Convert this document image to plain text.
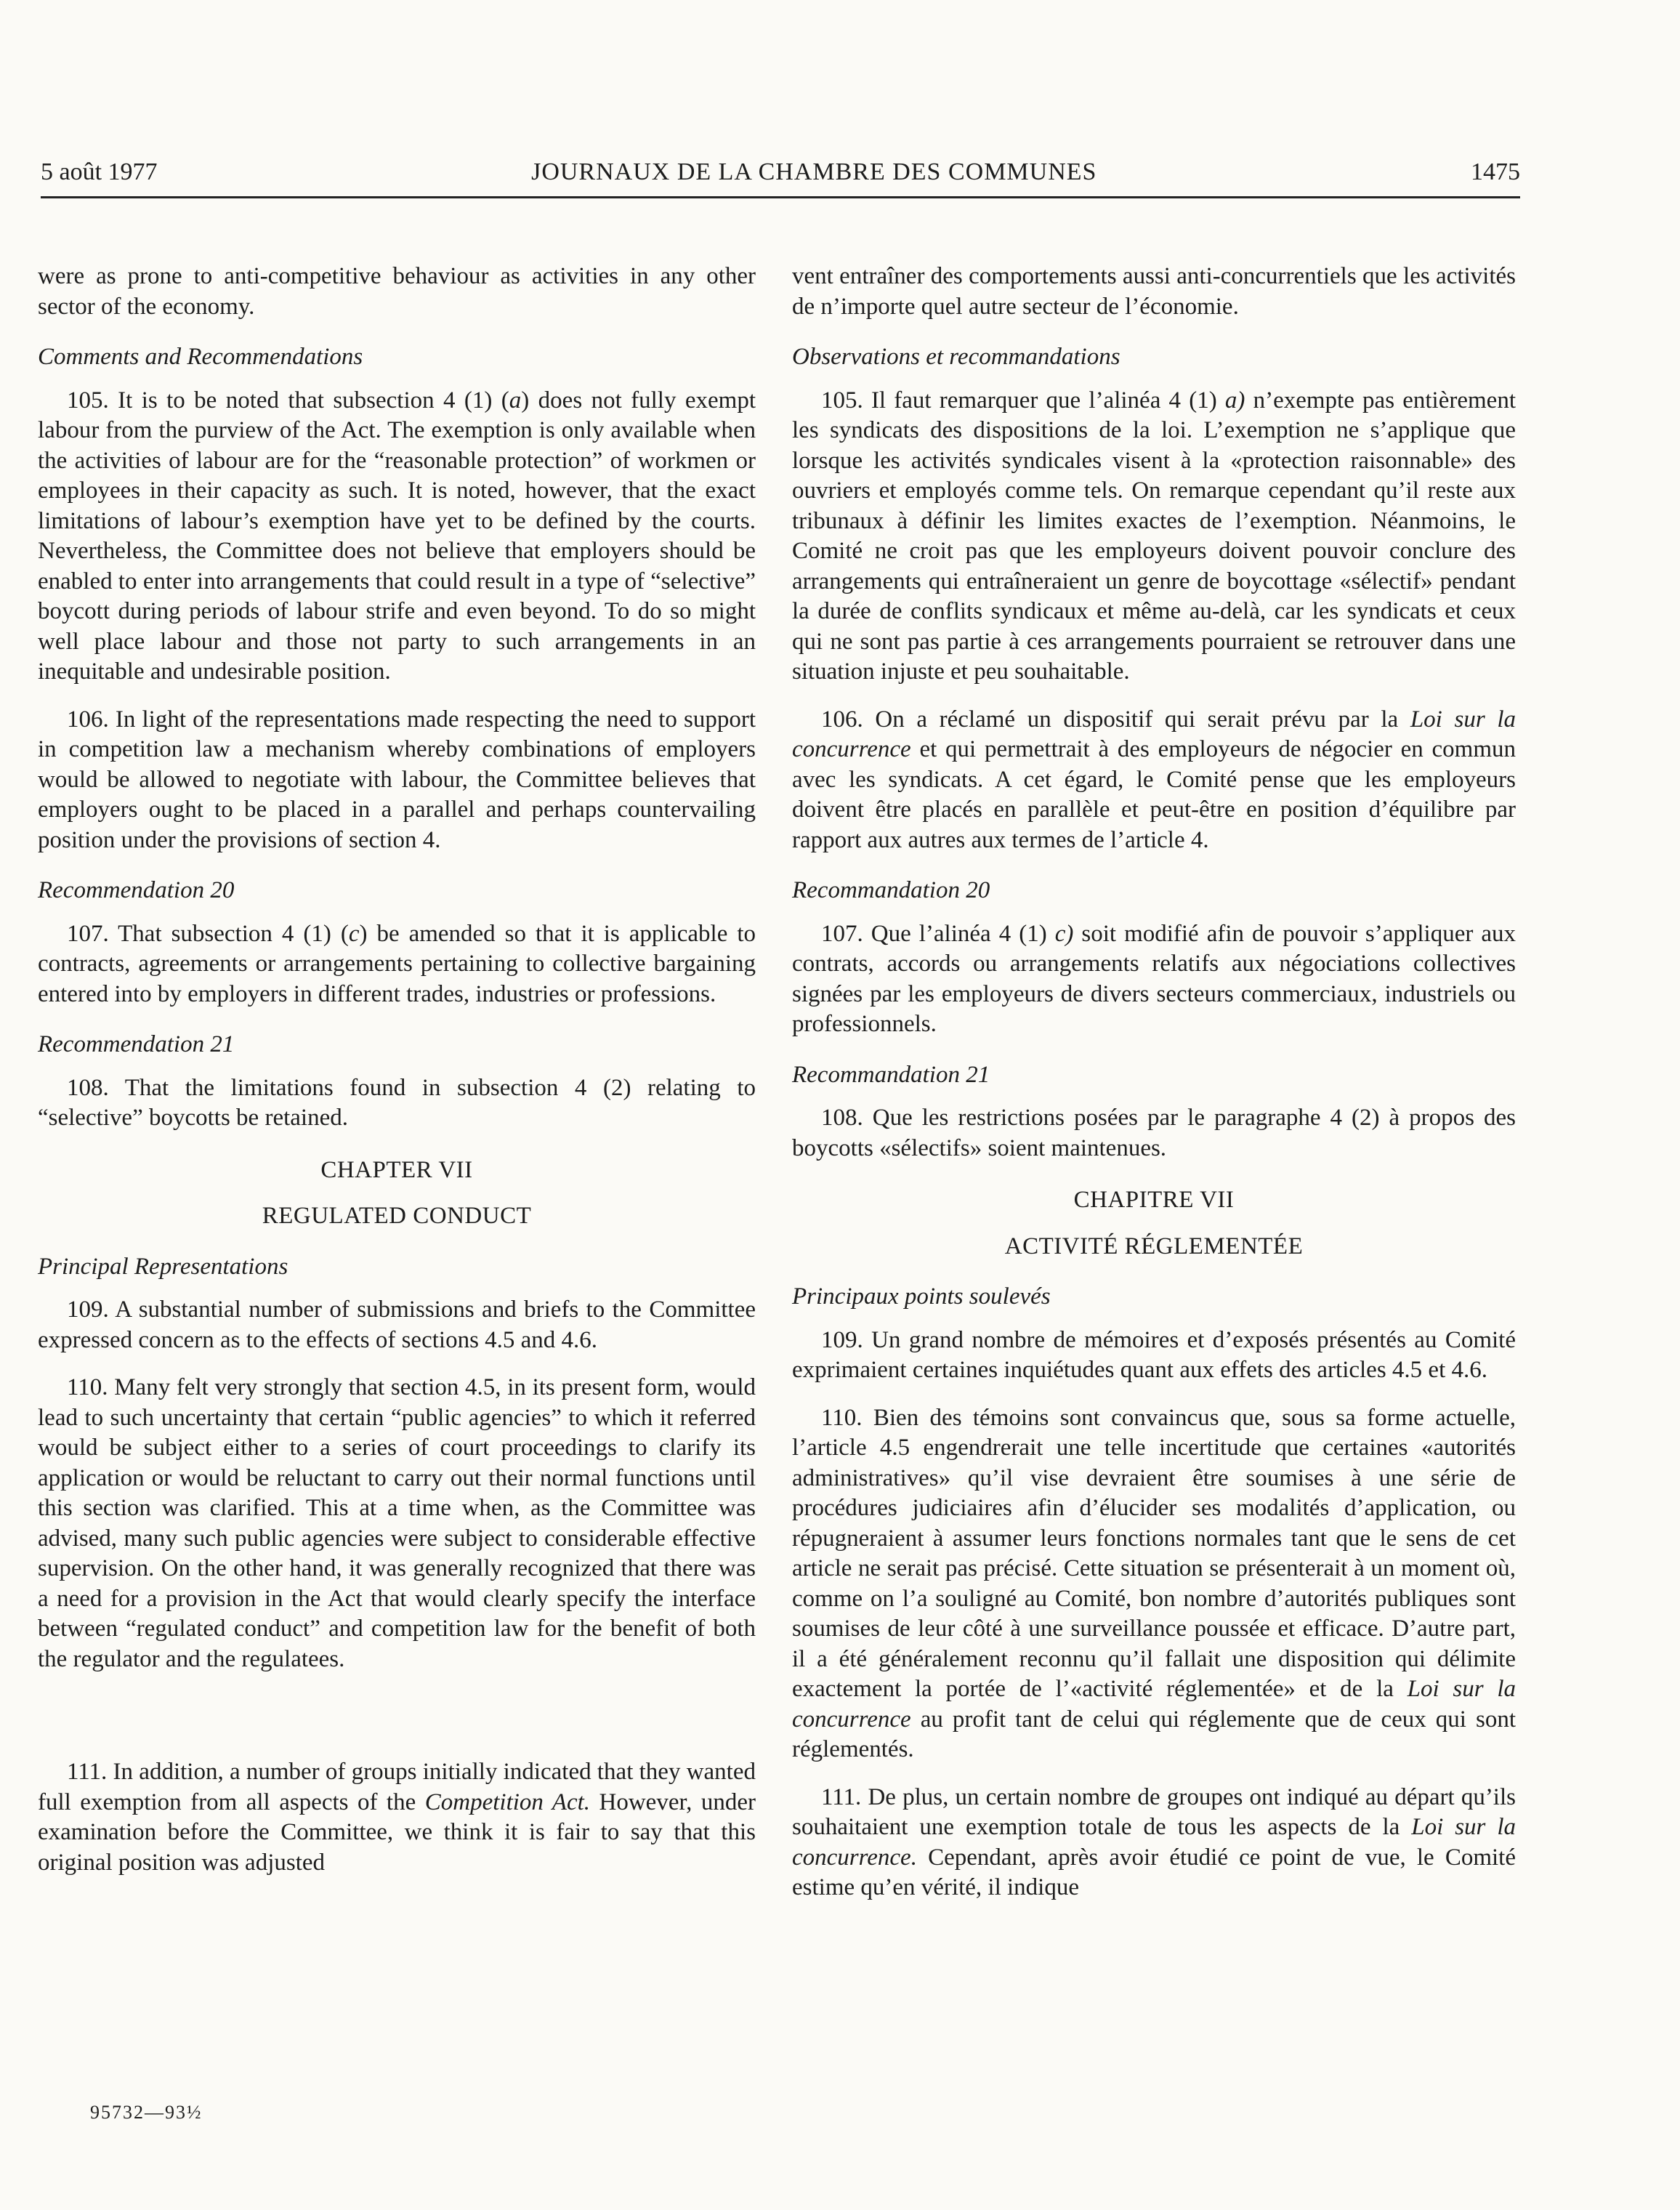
5 août 1977	JOURNAUX DE LA CHAMBRE DES COMMUNES	1475

were as prone to anti-competitive behaviour as activities in any other sector of the economy.

Comments and Recommendations

105. It is to be noted that subsection 4 (1) (a) does not fully exempt labour from the purview of the Act. The exemption is only available when the activities of labour are for the “reasonable protection” of workmen or employees in their capacity as such. It is noted, however, that the exact limitations of labour’s exemption have yet to be defined by the courts. Nevertheless, the Committee does not believe that employers should be enabled to enter into arrangements that could result in a type of “selective” boycott during periods of labour strife and even beyond. To do so might well place labour and those not party to such arrangements in an inequitable and undesirable position.

106. In light of the representations made respecting the need to support in competition law a mechanism whereby combinations of employers would be allowed to negotiate with labour, the Committee believes that employers ought to be placed in a parallel and perhaps countervailing position under the provisions of section 4.

Recommendation 20

107. That subsection 4 (1) (c) be amended so that it is applicable to contracts, agreements or arrangements pertaining to collective bargaining entered into by employers in different trades, industries or professions.

Recommendation 21

108. That the limitations found in subsection 4 (2) relating to “selective” boycotts be retained.

CHAPTER VII
REGULATED CONDUCT

Principal Representations

109. A substantial number of submissions and briefs to the Committee expressed concern as to the effects of sections 4.5 and 4.6.

110. Many felt very strongly that section 4.5, in its present form, would lead to such uncertainty that certain “public agencies” to which it referred would be subject either to a series of court proceedings to clarify its application or would be reluctant to carry out their normal functions until this section was clarified. This at a time when, as the Committee was advised, many such public agencies were subject to considerable effective supervision. On the other hand, it was generally recognized that there was a need for a provision in the Act that would clearly specify the interface between “regulated conduct” and competition law for the benefit of both the regulator and the regulatees.

111. In addition, a number of groups initially indicated that they wanted full exemption from all aspects of the Competition Act. However, under examination before the Committee, we think it is fair to say that this original position was adjusted

vent entraîner des comportements aussi anti-concurrentiels que les activités de n’importe quel autre secteur de l’économie.

Observations et recommandations

105. Il faut remarquer que l’alinéa 4 (1) a) n’exempte pas entièrement les syndicats des dispositions de la loi. L’exemption ne s’applique que lorsque les activités syndicales visent à la «protection raisonnable» des ouvriers et employés comme tels. On remarque cependant qu’il reste aux tribunaux à définir les limites exactes de l’exemption. Néanmoins, le Comité ne croit pas que les employeurs doivent pouvoir conclure des arrangements qui entraîneraient un genre de boycottage «sélectif» pendant la durée de conflits syndicaux et même au-delà, car les syndicats et ceux qui ne sont pas partie à ces arrangements pourraient se retrouver dans une situation injuste et peu souhaitable.

106. On a réclamé un dispositif qui serait prévu par la Loi sur la concurrence et qui permettrait à des employeurs de négocier en commun avec les syndicats. A cet égard, le Comité pense que les employeurs doivent être placés en parallèle et peut-être en position d’équilibre par rapport aux autres aux termes de l’article 4.

Recommandation 20

107. Que l’alinéa 4 (1) c) soit modifié afin de pouvoir s’appliquer aux contrats, accords ou arrangements relatifs aux négociations collectives signées par les employeurs de divers secteurs commerciaux, industriels ou professionnels.

Recommandation 21

108. Que les restrictions posées par le paragraphe 4 (2) à propos des boycotts «sélectifs» soient maintenues.

CHAPITRE VII
ACTIVITÉ RÉGLEMENTÉE

Principaux points soulevés

109. Un grand nombre de mémoires et d’exposés présentés au Comité exprimaient certaines inquiétudes quant aux effets des articles 4.5 et 4.6.

110. Bien des témoins sont convaincus que, sous sa forme actuelle, l’article 4.5 engendrerait une telle incertitude que certaines «autorités administratives» qu’il vise devraient être soumises à une série de procédures judiciaires afin d’élucider ses modalités d’application, ou répugneraient à assumer leurs fonctions normales tant que le sens de cet article ne serait pas précisé. Cette situation se présenterait à un moment où, comme on l’a souligné au Comité, bon nombre d’autorités publiques sont soumises de leur côté à une surveillance poussée et efficace. D’autre part, il a été généralement reconnu qu’il fallait une disposition qui délimite exactement la portée de l’«activité réglementée» et de la Loi sur la concurrence au profit tant de celui qui réglemente que de ceux qui sont réglementés.

111. De plus, un certain nombre de groupes ont indiqué au départ qu’ils souhaitaient une exemption totale de tous les aspects de la Loi sur la concurrence. Cependant, après avoir étudié ce point de vue, le Comité estime qu’en vérité, il indique

95732—93½
